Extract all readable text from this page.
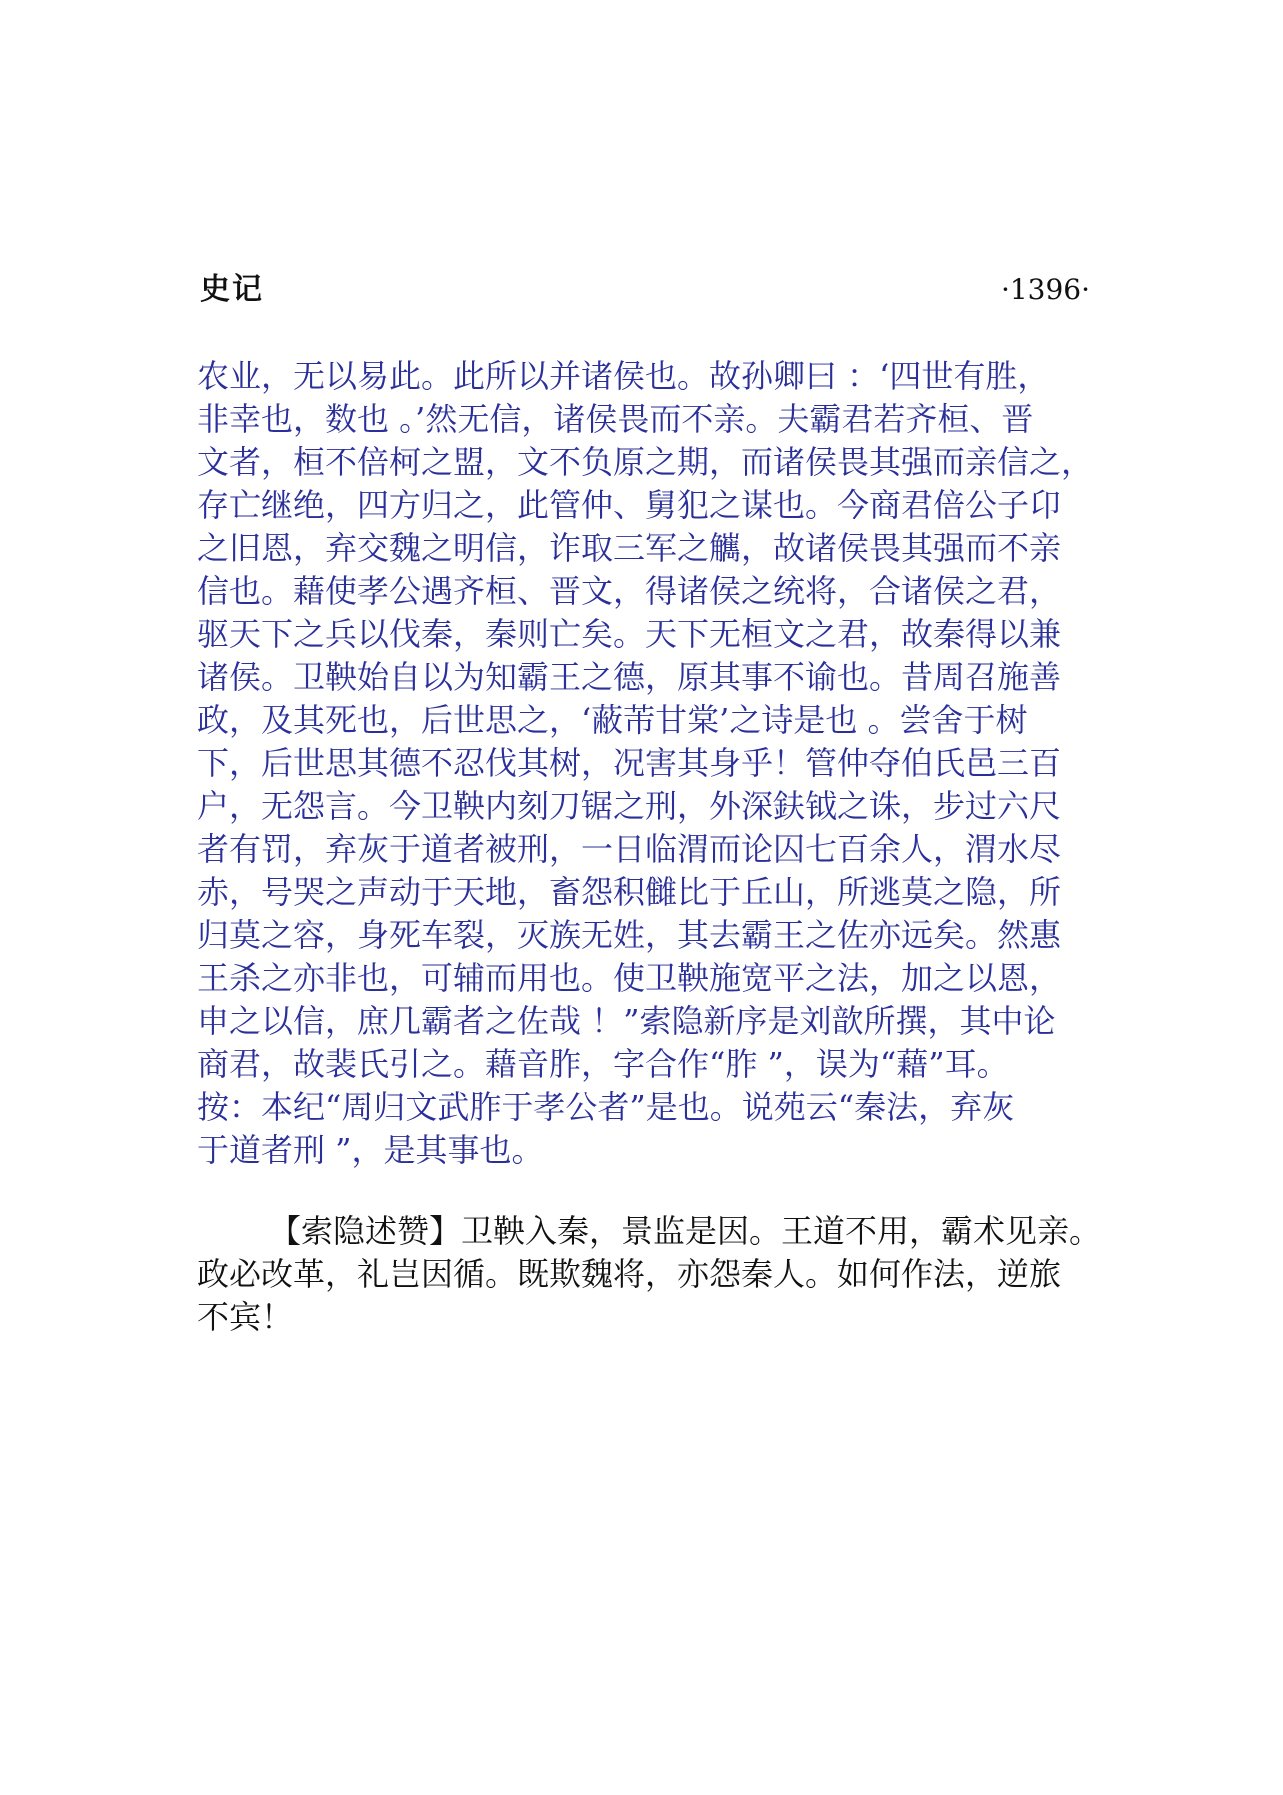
史记	·1396·
农业，无以易此。此所以并诸侯也。故孙卿曰 ：‘四世有胜，
非幸也，数也 。’然无信，诸侯畏而不亲。夫霸君若齐桓、晋
文者，桓不倍柯之盟，文不负原之期，而诸侯畏其强而亲信之，
存亡继绝，四方归之，此管仲、舅犯之谋也。今商君倍公子卬
之旧恩，弃交魏之明信，诈取三军之觽，故诸侯畏其强而不亲
信也。藉使孝公遇齐桓、晋文，得诸侯之统将，合诸侯之君，
驱天下之兵以伐秦，秦则亡矣。天下无桓文之君，故秦得以兼
诸侯。卫鞅始自以为知霸王之德，原其事不谕也。昔周召施善
政，及其死也，后世思之，‘蔽芾甘棠’之诗是也 。尝舍于树
下，后世思其德不忍伐其树，况害其身乎！管仲夺伯氏邑三百
户，无怨言。今卫鞅内刻刀锯之刑，外深鈇钺之诛，步过六尺
者有罚，弃灰于道者被刑，一日临渭而论囚七百余人，渭水尽
赤，号哭之声动于天地，畜怨积雠比于丘山，所逃莫之隐，所
归莫之容，身死车裂，灭族无姓，其去霸王之佐亦远矣。然惠
王杀之亦非也，可辅而用也。使卫鞅施宽平之法，加之以恩，
申之以信，庶几霸者之佐哉 ！”索隐新序是刘歆所撰，其中论
商君，故裴氏引之。藉音胙，字合作“胙 ”，误为“藉”耳。
按：本纪“周归文武胙于孝公者”是也。说苑云“秦法，弃灰
于道者刑 ”，是其事也。
【索隐述赞】卫鞅入秦，景监是因。王道不用，霸术见亲。
政必改革，礼岂因循。既欺魏将，亦怨秦人。如何作法，逆旅
不宾！
